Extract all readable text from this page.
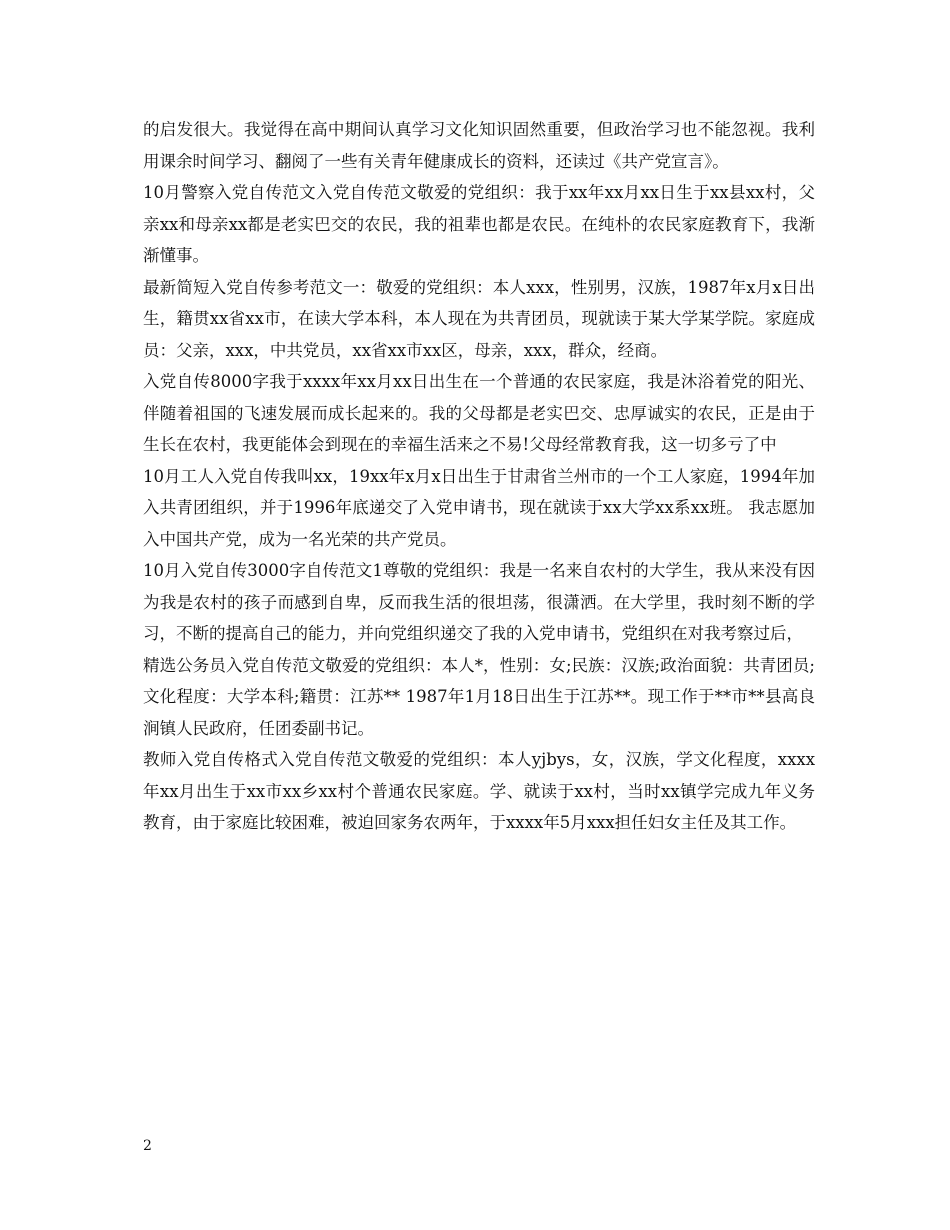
的启发很大。我觉得在高中期间认真学习文化知识固然重要，但政治学习也不能忽视。我利用课余时间学习、翻阅了一些有关青年健康成长的资料，还读过《共产党宣言》。

10月警察入党自传范文入党自传范文敬爱的党组织：我于xx年xx月xx日生于xx县xx村，父亲xx和母亲xx都是老实巴交的农民，我的祖辈也都是农民。在纯朴的农民家庭教育下，我渐渐懂事。

最新简短入党自传参考范文一：敬爱的党组织：本人xxx，性别男，汉族，1987年x月x日出生，籍贯xx省xx市，在读大学本科，本人现在为共青团员，现就读于某大学某学院。家庭成员：父亲，xxx，中共党员，xx省xx市xx区，母亲，xxx，群众，经商。

入党自传8000字我于xxxx年xx月xx日出生在一个普通的农民家庭，我是沐浴着党的阳光、伴随着祖国的飞速发展而成长起来的。我的父母都是老实巴交、忠厚诚实的农民，正是由于生长在农村，我更能体会到现在的幸福生活来之不易!父母经常教育我，这一切多亏了中

10月工人入党自传我叫xx，19xx年x月x日出生于甘肃省兰州市的一个工人家庭，1994年加入共青团组织，并于1996年底递交了入党申请书，现在就读于xx大学xx系xx班。 我志愿加入中国共产党，成为一名光荣的共产党员。

10月入党自传3000字自传范文1尊敬的党组织：我是一名来自农村的大学生，我从来没有因为我是农村的孩子而感到自卑，反而我生活的很坦荡，很潇洒。在大学里，我时刻不断的学习，不断的提高自己的能力，并向党组织递交了我的入党申请书，党组织在对我考察过后，

精选公务员入党自传范文敬爱的党组织：本人*，性别：女;民族：汉族;政治面貌：共青团员;文化程度：大学本科;籍贯：江苏** 1987年1月18日出生于江苏**。现工作于**市**县高良涧镇人民政府，任团委副书记。

教师入党自传格式入党自传范文敬爱的党组织：本人yjbys，女，汉族，学文化程度，xxxx年xx月出生于xx市xx乡xx村个普通农民家庭。学、就读于xx村，当时xx镇学完成九年义务教育，由于家庭比较困难，被迫回家务农两年，于xxxx年5月xxx担任妇女主任及其工作。

2
